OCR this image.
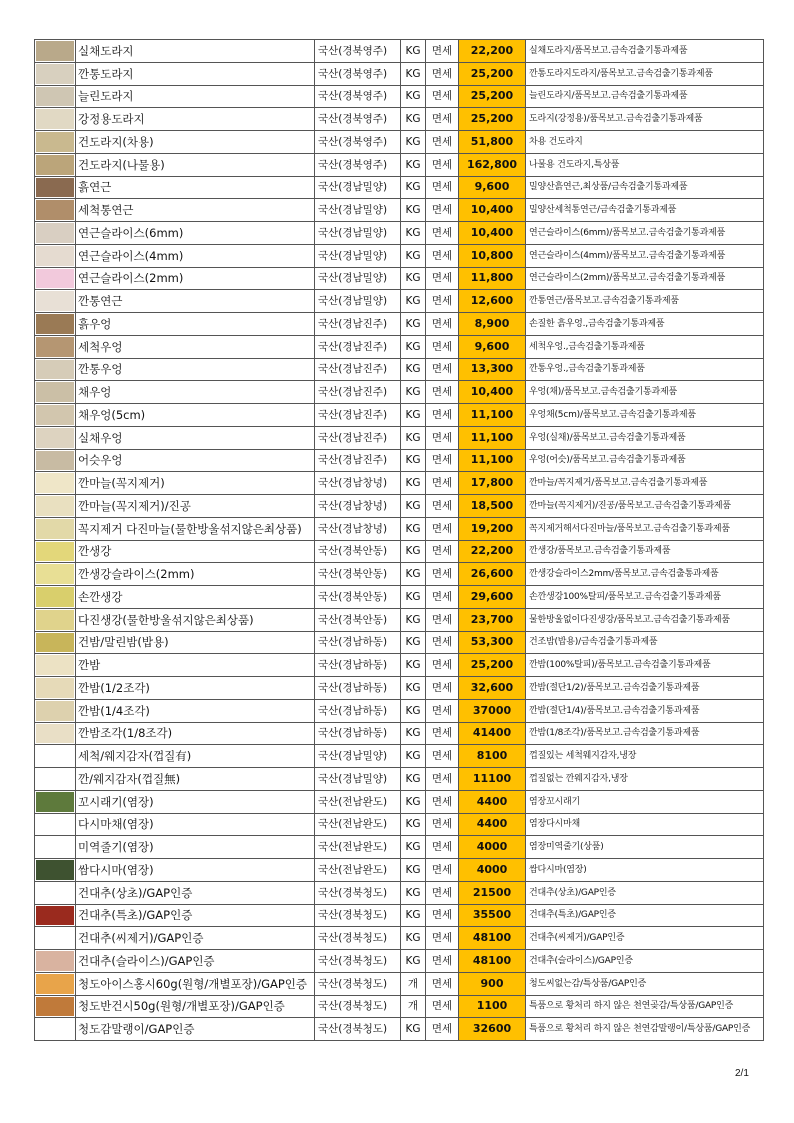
	실채도라지	국산(경북영주)	KG	면세	22,200	실채도라지/품목보고.금속검출기통과제품

	깐통도라지	국산(경북영주)	KG	면세	25,200	깐통도라지도라지/품목보고.금속검출기통과제품

	늘린도라지	국산(경북영주)	KG	면세	25,200	늘린도라지/품목보고.금속검출기통과제품

	강정용도라지	국산(경북영주)	KG	면세	25,200	도라지(강정용)/품목보고.금속검출기통과제품

	건도라지(차용)	국산(경북영주)	KG	면세	51,800	차용 건도라지

	건도라지(나물용)	국산(경북영주)	KG	면세	162,800	나물용 건도라지,특상품

	흙연근	국산(경남밀양)	KG	면세	9,600	밀양산흙연근,최상품/금속검출기통과제품

	세척통연근	국산(경남밀양)	KG	면세	10,400	밀양산세척통연근/금속검출기통과제품

	연근슬라이스(6mm)	국산(경남밀양)	KG	면세	10,400	연근슬라이스(6mm)/품목보고.금속검출기통과제품

	연근슬라이스(4mm)	국산(경남밀양)	KG	면세	10,800	연근슬라이스(4mm)/품목보고.금속검출기통과제품

	연근슬라이스(2mm)	국산(경남밀양)	KG	면세	11,800	연근슬라이스(2mm)/품목보고.금속검출기통과제품

	깐통연근	국산(경남밀양)	KG	면세	12,600	깐통연근/품목보고.금속검출기통과제품

	흙우엉	국산(경남진주)	KG	면세	8,900	손질한 흙우엉.,금속검출기통과제품

	세척우엉	국산(경남진주)	KG	면세	9,600	세척우엉.,금속검출기통과제품

	깐통우엉	국산(경남진주)	KG	면세	13,300	깐통우엉.,금속검출기통과제품

	채우엉	국산(경남진주)	KG	면세	10,400	우엉(채)/품목보고.금속검출기통과제품

	채우엉(5cm)	국산(경남진주)	KG	면세	11,100	우엉채(5cm)/품목보고.금속검출기통과제품

	실채우엉	국산(경남진주)	KG	면세	11,100	우엉(실채)/품목보고.금속검출기통과제품

	어슷우엉	국산(경남진주)	KG	면세	11,100	우엉(어슷)/품목보고.금속검출기통과제품

	깐마늘(꼭지제거)	국산(경남창녕)	KG	면세	17,800	깐마늘/꼭지제거/품목보고.금속검출기통과제품

	깐마늘(꼭지제거)/진공	국산(경남창녕)	KG	면세	18,500	깐마늘(꼭지제거)/진공/품목보고.금속검출기통과제품

	꼭지제거 다진마늘(물한방울섞지않은최상품)	국산(경남창녕)	KG	면세	19,200	꼭지제거해서다진마늘/품목보고.금속검출기통과제품

	깐생강	국산(경북안동)	KG	면세	22,200	깐생강/품목보고.금속검출기통과제품

	깐생강슬라이스(2mm)	국산(경북안동)	KG	면세	26,600	깐생강슬라이스2mm/품목보고.금속검출통과제품

	손깐생강	국산(경북안동)	KG	면세	29,600	손깐생강100%탈피/품목보고.금속검출기통과제품

	다진생강(물한방울섞지않은최상품)	국산(경북안동)	KG	면세	23,700	물한방울없이다진생강/품목보고.금속검출기통과제품

	건밤/말린밤(밥용)	국산(경남하동)	KG	면세	53,300	건조밤(밥용)/금속검출기통과제품

	깐밤	국산(경남하동)	KG	면세	25,200	깐밤(100%탈피)/품목보고.금속검출기통과제품

	깐밤(1/2조각)	국산(경남하동)	KG	면세	32,600	깐밤(절단1/2)/품목보고.금속검출기통과제품

	깐밤(1/4조각)	국산(경남하동)	KG	면세	37000	깐밤(절단1/4)/품목보고.금속검출기통과제품

	깐밤조각(1/8조각)	국산(경남하동)	KG	면세	41400	깐밤(1/8조각)/품목보고.금속검출기통과제품

	세척/웨지감자(껍질有)	국산(경남밀양)	KG	면세	8100	껍질있는 세척웨지감자,냉장

	깐/웨지감자(껍질無)	국산(경남밀양)	KG	면세	11100	껍질없는 깐웨지감자,냉장

	꼬시래기(염장)	국산(전남완도)	KG	면세	4400	염장꼬시래기

	다시마채(염장)	국산(전남완도)	KG	면세	4400	염장다시마채

	미역줄기(염장)	국산(전남완도)	KG	면세	4000	염장미역줄기(상품)

	쌈다시마(염장)	국산(전남완도)	KG	면세	4000	쌈다시마(염장)

	건대추(상초)/GAP인증	국산(경북청도)	KG	면세	21500	건대추(상초)/GAP인증

	건대추(특초)/GAP인증	국산(경북청도)	KG	면세	35500	건대추(특초)/GAP인증

	건대추(씨제거)/GAP인증	국산(경북청도)	KG	면세	48100	건대추(씨제거)/GAP인증

	건대추(슬라이스)/GAP인증	국산(경북청도)	KG	면세	48100	건대추(슬라이스)/GAP인증

	청도아이스홍시60g(원형/개별포장)/GAP인증	국산(경북청도)	개	면세	900	청도씨없는감/특상품/GAP인증

	청도반건시50g(원형/개별포장)/GAP인증	국산(경북청도)	개	면세	1100	특품으로 황처리 하지 않은 천연곶감/특상품/GAP인증

	청도감말랭이/GAP인증	국산(경북청도)	KG	면세	32600	특품으로 황처리 하지 않은 천연감말랭이/특상품/GAP인증
2/1
